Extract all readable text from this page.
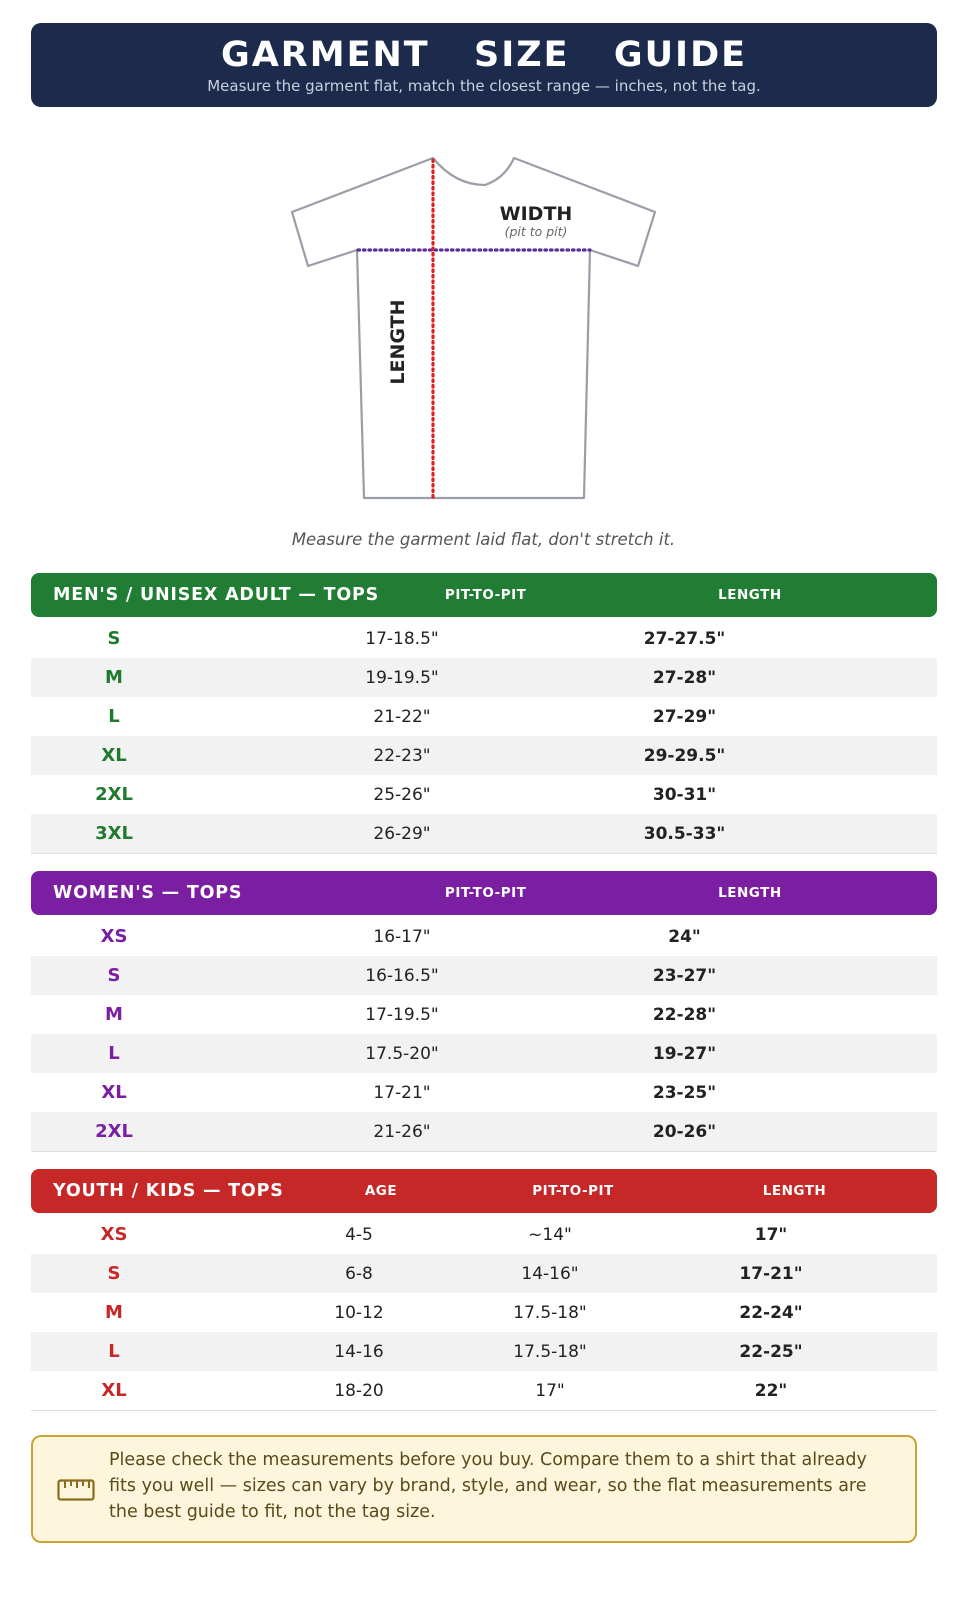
GARMENT  SIZE  GUIDE
Measure the garment flat, match the closest range — inches, not the tag.
WIDTH
(pit to pit)
LENGTH
Measure the garment laid flat, don't stretch it.
MEN'S / UNISEX ADULT — TOPS	PIT-TO-PIT	LENGTH
S	17-18.5"	27-27.5"
M	19-19.5"	27-28"
L	21-22"	27-29"
XL	22-23"	29-29.5"
2XL	25-26"	30-31"
3XL	26-29"	30.5-33"
WOMEN'S — TOPS	PIT-TO-PIT	LENGTH
XS	16-17"	24"
S	16-16.5"	23-27"
M	17-19.5"	22-28"
L	17.5-20"	19-27"
XL	17-21"	23-25"
2XL	21-26"	20-26"
YOUTH / KIDS — TOPS	AGE	PIT-TO-PIT	LENGTH
XS	4-5	~14"	17"
S	6-8	14-16"	17-21"
M	10-12	17.5-18"	22-24"
L	14-16	17.5-18"	22-25"
XL	18-20	17"	22"
Please check the measurements before you buy. Compare them to a shirt that already fits you well — sizes can vary by brand, style, and wear, so the flat measurements are the best guide to fit, not the tag size.
